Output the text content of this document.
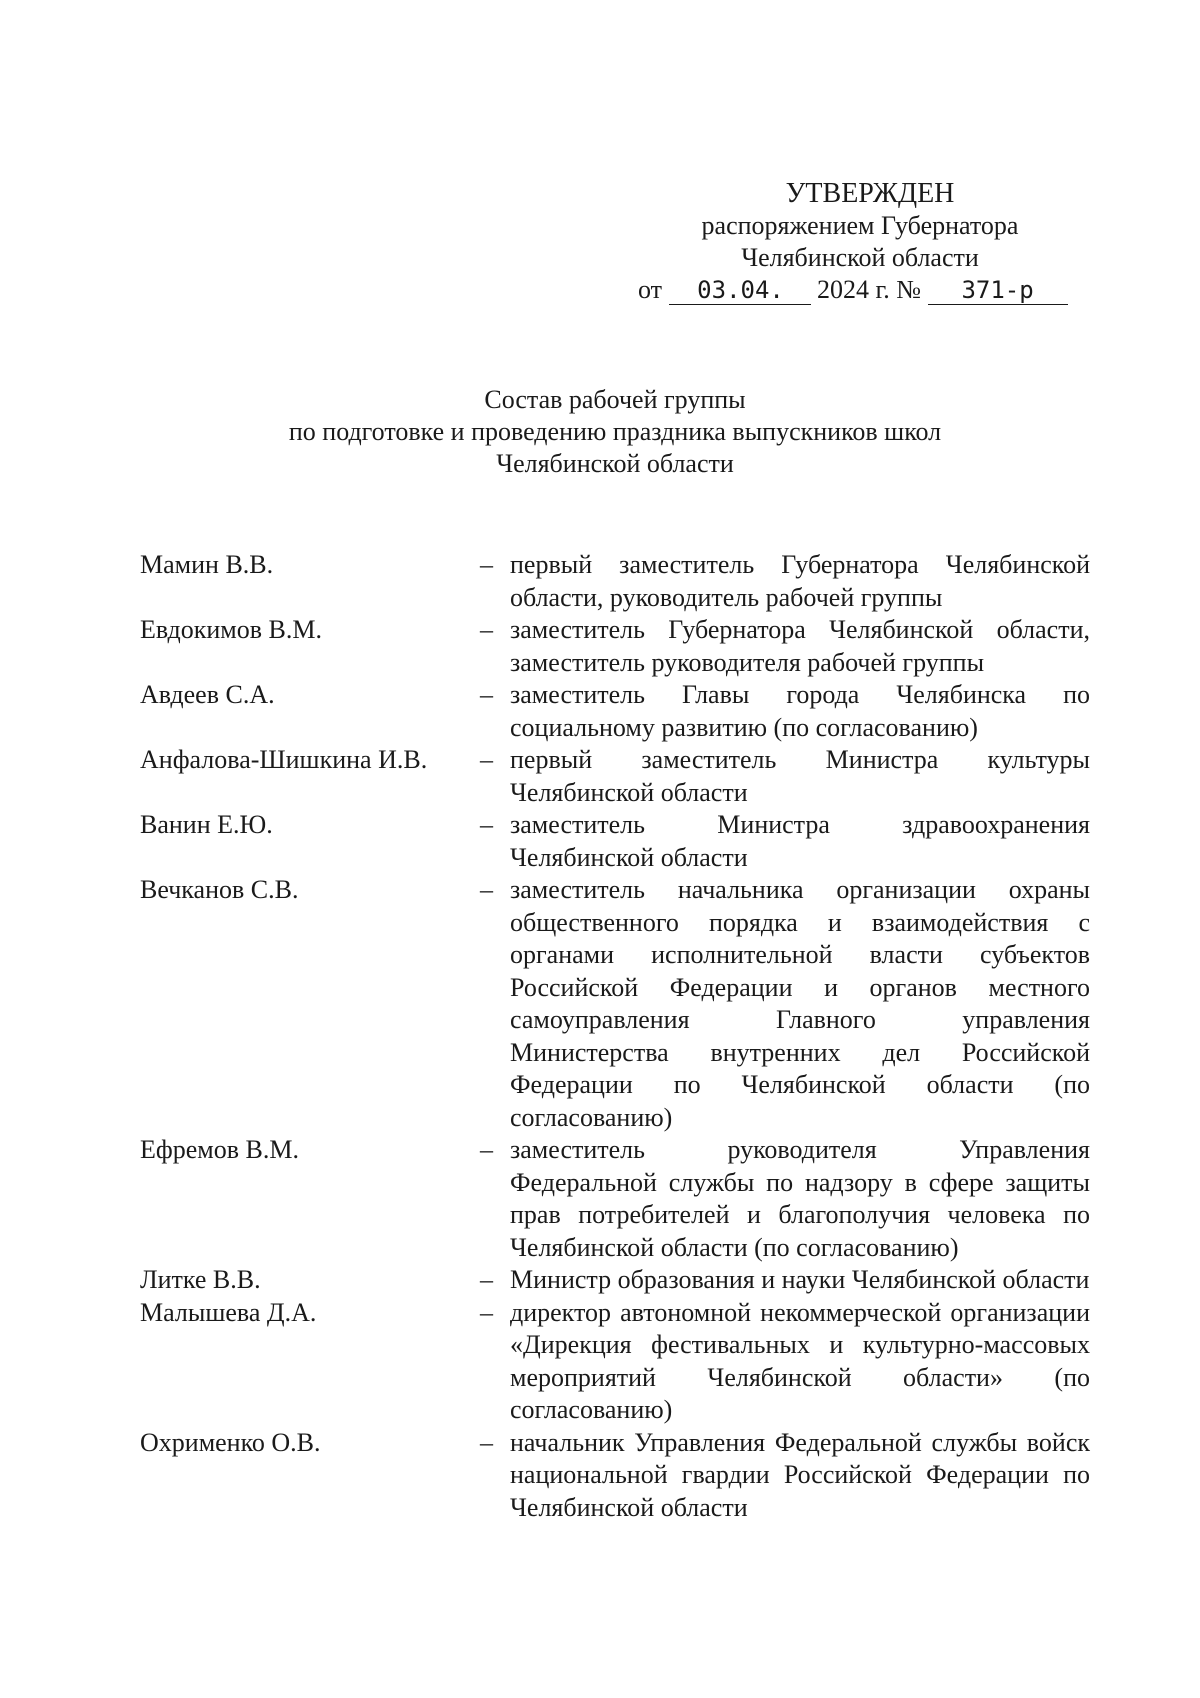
УТВЕРЖДЕН
распоряжением Губернатора
Челябинской области
от 03.04. 2024 г. № 371-р
Состав рабочей группы
по подготовке и проведению праздника выпускников школ
Челябинской области
Мамин В.В.	– первый заместитель Губернатора Челябинской области, руководитель рабочей группы
Евдокимов В.М.	– заместитель Губернатора Челябинской области, заместитель руководителя рабочей группы
Авдеев С.А.	– заместитель Главы города Челябинска по социальному развитию (по согласованию)
Анфалова-Шишкина И.В.	– первый заместитель Министра культуры Челябинской области
Ванин Е.Ю.	– заместитель Министра здравоохранения Челябинской области
Вечканов С.В.	– заместитель начальника организации охраны общественного порядка и взаимодействия с органами исполнительной власти субъектов Российской Федерации и органов местного самоуправления Главного управления Министерства внутренних дел Российской Федерации по Челябинской области (по согласованию)
Ефремов В.М.	– заместитель руководителя Управления Федеральной службы по надзору в сфере защиты прав потребителей и благополучия человека по Челябинской области (по согласованию)
Литке В.В.	– Министр образования и науки Челябинской области
Малышева Д.А.	– директор автономной некоммерческой организации «Дирекция фестивальных и культурно-массовых мероприятий Челябинской области» (по согласованию)
Охрименко О.В.	– начальник Управления Федеральной службы войск национальной гвардии Российской Федерации по Челябинской области
